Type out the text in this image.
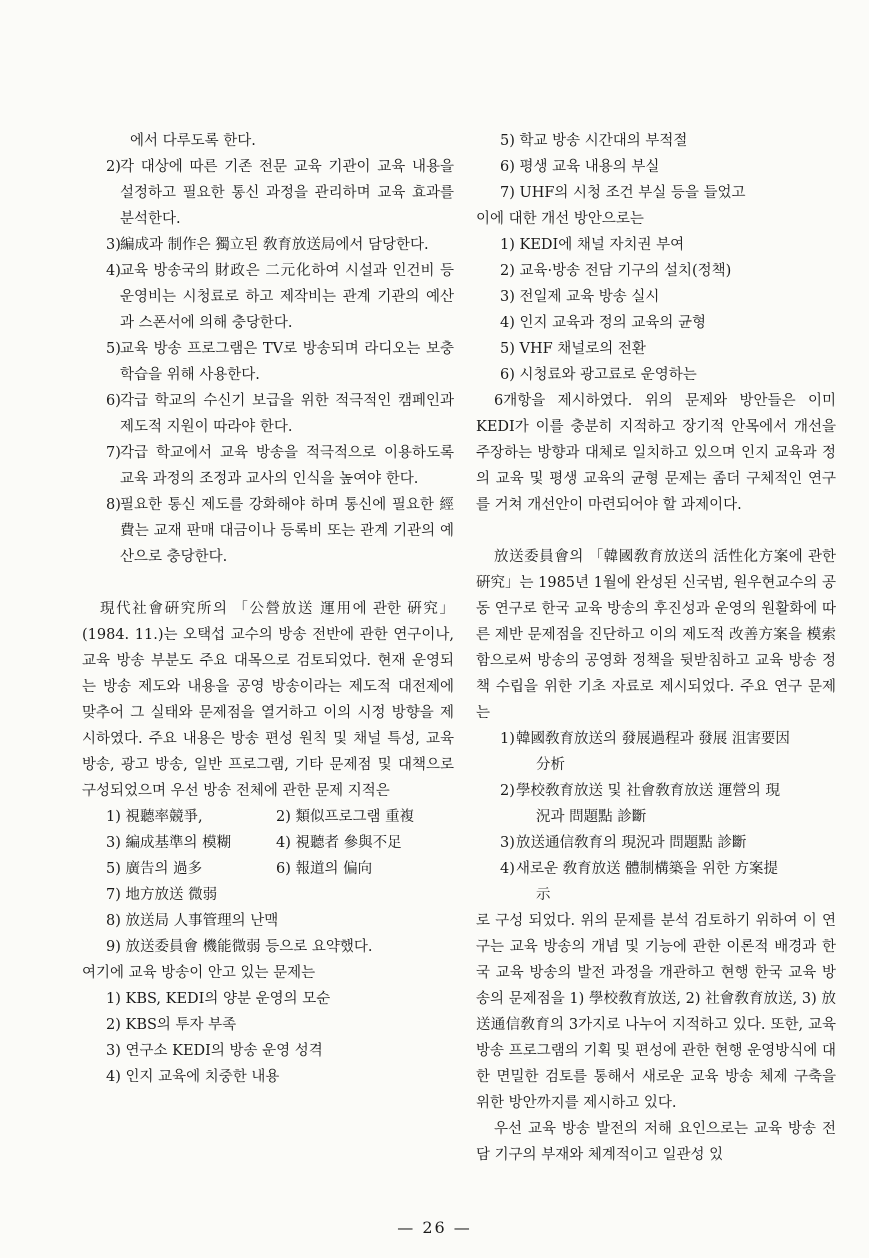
에서 다루도록 한다.
2) 각 대상에 따른 기존 전문 교육 기관이 교육 내용을 설정하고 필요한 통신 과정을 관리하며 교육 효과를 분석한다.
3) 編成과 制作은 獨立된 敎育放送局에서 담당한다.
4) 교육 방송국의 財政은 二元化하여 시설과 인건비 등 운영비는 시청료로 하고 제작비는 관계 기관의 예산과 스폰서에 의해 충당한다.
5) 교육 방송 프로그램은 TV로 방송되며 라디오는 보충 학습을 위해 사용한다.
6) 각급 학교의 수신기 보급을 위한 적극적인 캠페인과 제도적 지원이 따라야 한다.
7) 각급 학교에서 교육 방송을 적극적으로 이용하도록 교육 과정의 조정과 교사의 인식을 높여야 한다.
8) 필요한 통신 제도를 강화해야 하며 통신에 필요한 經費는 교재 판매 대금이나 등록비 또는 관계 기관의 예산으로 충당한다.
現代社會硏究所의 「公營放送 運用에 관한 硏究」(1984. 11.)는 오택섭 교수의 방송 전반에 관한 연구이나, 교육 방송 부분도 주요 대목으로 검토되었다. 현재 운영되는 방송 제도와 내용을 공영 방송이라는 제도적 대전제에 맞추어 그 실태와 문제점을 열거하고 이의 시정 방향을 제시하였다. 주요 내용은 방송 편성 원칙 및 채널 특성, 교육 방송, 광고 방송, 일반 프로그램, 기타 문제점 및 대책으로 구성되었으며 우선 방송 전체에 관한 문제 지적은
1) 視聽率競爭,	2) 類似프로그램 重複
3) 編成基準의 模糊	4) 視聽者 參與不足
5) 廣告의 過多	6) 報道의 偏向
7) 地方放送 微弱
8) 放送局 人事管理의 난맥
9) 放送委員會 機能微弱 등으로 요약했다.
여기에 교육 방송이 안고 있는 문제는
1) KBS, KEDI의 양분 운영의 모순
2) KBS의 투자 부족
3) 연구소 KEDI의 방송 운영 성격
4) 인지 교육에 치중한 내용
5) 학교 방송 시간대의 부적절
6) 평생 교육 내용의 부실
7) UHF의 시청 조건 부실 등을 들었고
이에 대한 개선 방안으로는
1) KEDI에 채널 자치권 부여
2) 교육·방송 전담 기구의 설치(정책)
3) 전일제 교육 방송 실시
4) 인지 교육과 정의 교육의 균형
5) VHF 채널로의 전환
6) 시청료와 광고료로 운영하는
6개항을 제시하였다. 위의 문제와 방안들은 이미 KEDI가 이를 충분히 지적하고 장기적 안목에서 개선을 주장하는 방향과 대체로 일치하고 있으며 인지 교육과 정의 교육 및 평생 교육의 균형 문제는 좀더 구체적인 연구를 거쳐 개선안이 마련되어야 할 과제이다.
放送委員會의 「韓國敎育放送의 活性化方案에 관한 硏究」는 1985년 1월에 완성된 신국범, 원우현교수의 공동 연구로 한국 교육 방송의 후진성과 운영의 원활화에 따른 제반 문제점을 진단하고 이의 제도적 改善方案을 模索함으로써 방송의 공영화 정책을 뒷받침하고 교육 방송 정책 수립을 위한 기초 자료로 제시되었다. 주요 연구 문제는
1) 韓國敎育放送의 發展過程과 發展 沮害要因
分析
2) 學校敎育放送 및 社會敎育放送 運營의 現
況과 問題點 診斷
3) 放送通信敎育의 現況과 問題點 診斷
4) 새로운 敎育放送 體制構築을 위한 方案提
示
로 구성 되었다. 위의 문제를 분석 검토하기 위하여 이 연구는 교육 방송의 개념 및 기능에 관한 이론적 배경과 한국 교육 방송의 발전 과정을 개관하고 현행 한국 교육 방송의 문제점을 1) 學校敎育放送, 2) 社會敎育放送, 3) 放送通信敎育의 3가지로 나누어 지적하고 있다. 또한, 교육 방송 프로그램의 기획 및 편성에 관한 현행 운영방식에 대한 면밀한 검토를 통해서 새로운 교육 방송 체제 구축을 위한 방안까지를 제시하고 있다.
우선 교육 방송 발전의 저해 요인으로는 교육 방송 전담 기구의 부재와 체계적이고 일관성 있
— 26 —
